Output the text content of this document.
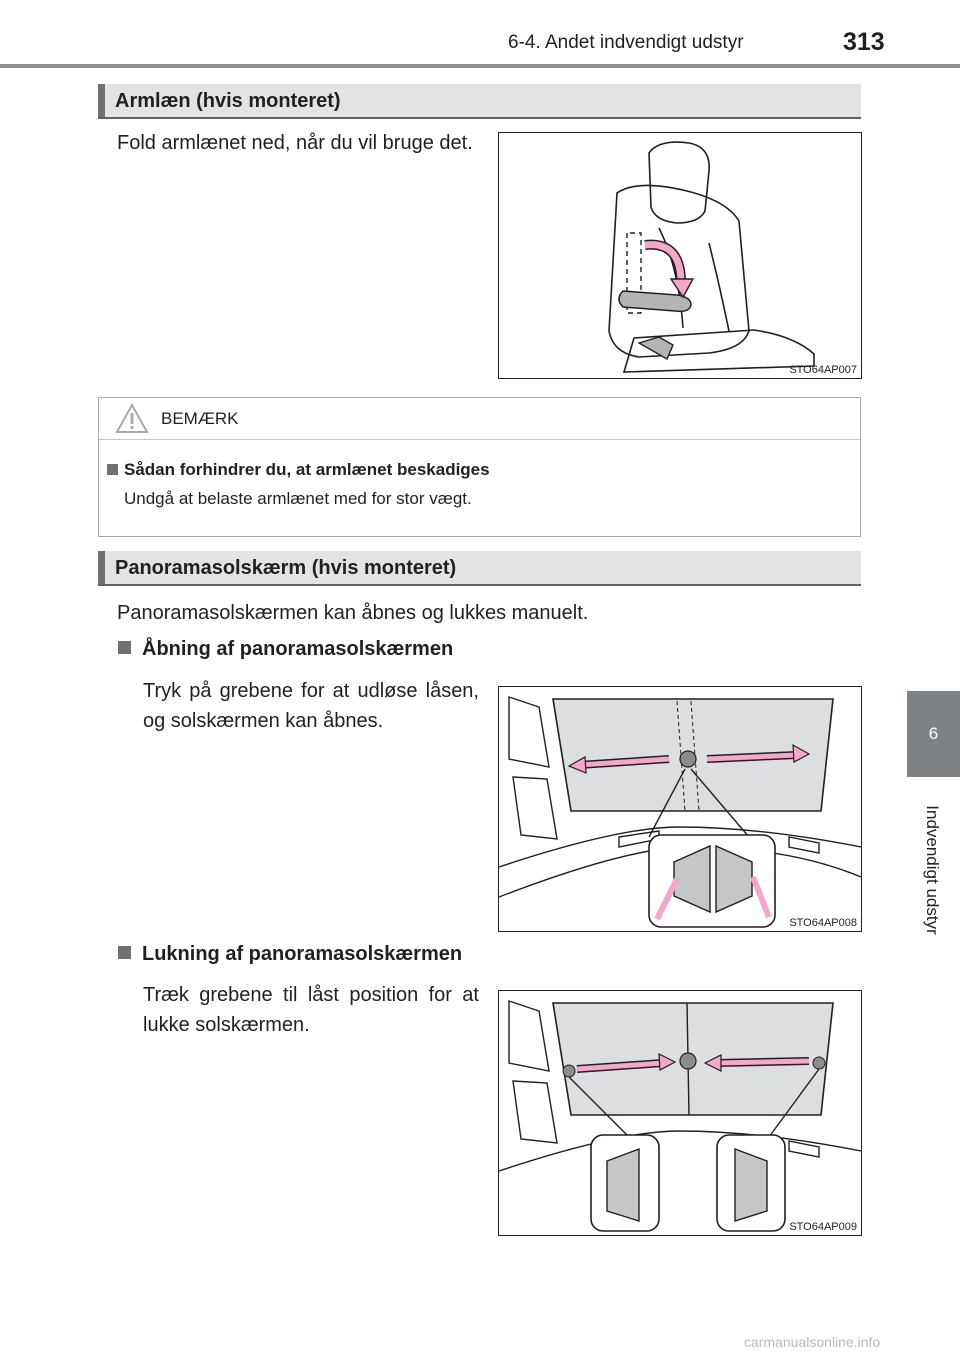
6-4. Andet indvendigt udstyr	313
6
Indvendigt udstyr
Armlæn (hvis monteret)
Fold armlænet ned, når du vil bruge det.
STO64AP007
BEMÆRK
Sådan forhindrer du, at armlænet beskadiges
Undgå at belaste armlænet med for stor vægt.
Panoramasolskærm (hvis monteret)
Panoramasolskærmen kan åbnes og lukkes manuelt.
Åbning af panoramasolskærmen
Tryk på grebene for at udløse låsen, og solskærmen kan åbnes.
STO64AP008
Lukning af panoramasolskærmen
Træk grebene til låst position for at lukke solskærmen.
STO64AP009
carmanualsonline.info
